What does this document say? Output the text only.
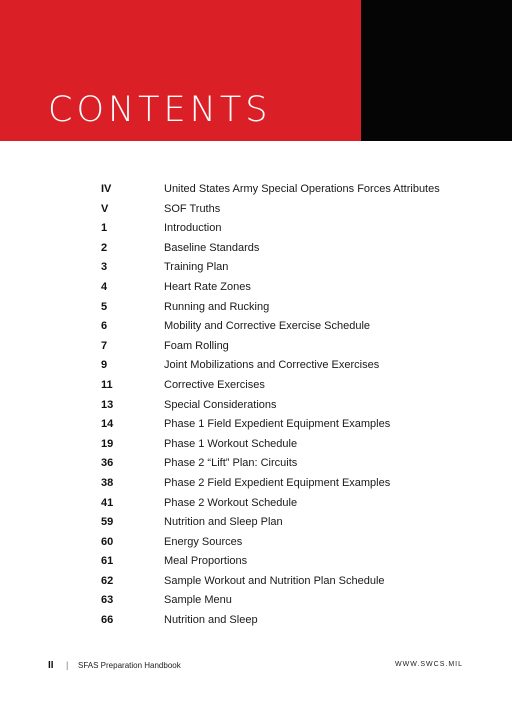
CONTENTS
IV	United States Army Special Operations Forces Attributes
V	SOF Truths
1	Introduction
2	Baseline Standards
3	Training Plan
4	Heart Rate Zones
5	Running and Rucking
6	Mobility and Corrective Exercise Schedule
7	Foam Rolling
9	Joint Mobilizations and Corrective Exercises
11	Corrective Exercises
13	Special Considerations
14	Phase 1 Field Expedient Equipment Examples
19	Phase 1 Workout Schedule
36	Phase 2 “Lift” Plan: Circuits
38	Phase 2 Field Expedient Equipment Examples
41	Phase 2 Workout Schedule
59	Nutrition and Sleep Plan
60	Energy Sources
61	Meal Proportions
62	Sample Workout and Nutrition Plan Schedule
63	Sample Menu
66	Nutrition and Sleep
II | SFAS Preparation Handbook	WWW.SWCS.MIL
